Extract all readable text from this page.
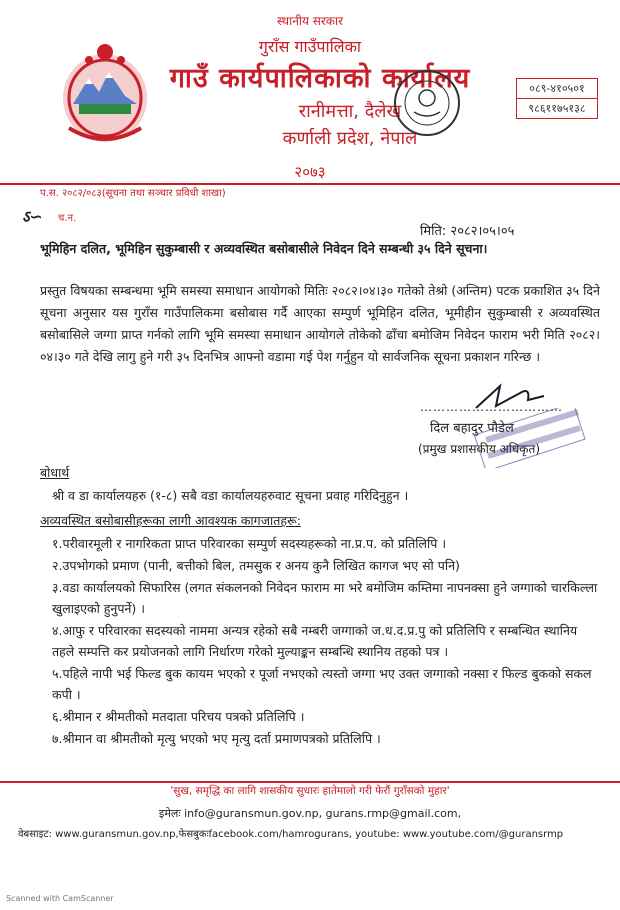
स्थानीय सरकार
गुराँस गाउँपालिका
गाउँ कार्यपालिकाको कार्यालय
रानीमत्ता, दैलेख
कर्णाली प्रदेश, नेपाल
२०७३
०८९-४१०५०१
९८६११७५१३८
प.स. २०८२/०८३(सूचना तथा सञ्चार प्रविधी शाखा)
ऽ∽ च.न.
मिति: २०८२।०५।०५
भूमिहिन दलित, भूमिहिन सुकुम्बासी र अव्यवस्थित बसोबासीले निवेदन दिने सम्बन्धी ३५ दिने सूचना।
प्रस्तुत विषयका सम्बन्धमा भूमि समस्या समाधान आयोगको मितिः २०८२।०४।३० गतेको तेश्रो (अन्तिम) पटक प्रकाशित ३५ दिने सूचना अनुसार यस गुराँस गाउँपालिकमा बसोबास गर्दै आएका सम्पुर्ण भूमिहिन दलित, भूमीहीन सुकुम्बासी र अव्यवस्थित बसोबासिले जग्गा प्राप्त गर्नको लागि भूमि समस्या समाधान आयोगले तोकेको ढाँचा बमोजिम निवेदन फाराम भरी मिति २०८२।०४।३० गते देखि लागु हुने गरी ३५ दिनभित्र आफ्नो वडामा गई पेश गर्नुहुन यो सार्वजनिक सूचना प्रकाशन गरिन्छ ।
……………………………
दिल बहादुर पौडेल
(प्रमुख प्रशासकीय अधिकृत)
बोधार्थ
श्री व डा कार्यालयहरु (१-८) सबै वडा कार्यालयहरुवाट सूचना प्रवाह गरिदिनुहुन ।
अव्यवस्थित बसोबासीहरूका लागी आवश्यक कागजातहरू:
१.परीवारमूली र नागरिकता प्राप्त परिवारका सम्पुर्ण सदस्यहरूको ना.प्र.प. को प्रतिलिपि ।
२.उपभोगको प्रमाण (पानी, बत्तीको बिल, तमसुक र अनय कुनै लिखित कागज भए सो पनि)
३.वडा कार्यालयको सिफारिस (लगत संकलनको निवेदन फाराम मा भरे बमोजिम कम्तिमा नापनक्सा हुने जग्गाको चारकिल्ला खुलाइएको हुनुपर्ने) ।
४.आफु र परिवारका सदस्यको नाममा अन्यत्र रहेको सबै नम्बरी जग्गाको ज.ध.द.प्र.पु को प्रतिलिपि र सम्बन्धित स्थानिय तहले सम्पत्ति कर प्रयोजनको लागि निर्धारण गरेको मुल्याङ्कन सम्बन्धि स्थानिय तहको पत्र ।
५.पहिले नापी भई फिल्ड बुक कायम भएको र पूर्जा नभएको त्यस्तो जग्गा भए उक्त जग्गाको नक्सा र फिल्ड बुकको सकल कपी ।
६.श्रीमान र श्रीमतीको मतदाता परिचय पत्रको प्रतिलिपि ।
७.श्रीमान वा श्रीमतीको मृत्यु भएको भए मृत्यु दर्ता प्रमाणपत्रको प्रतिलिपि ।
'सुख, समृद्धि का लागि शासकीय सुधारः हातेमालो गरी फेरौं गुराँसको मुहार'
इमेलः info@guransmun.gov.np, gurans.rmp@gmail.com,
वेबसाइट: www.guransmun.gov.np,फेसबुकःfacebook.com/hamrogurans, youtube: www.youtube.com/@guransrmp
Scanned with CamScanner
